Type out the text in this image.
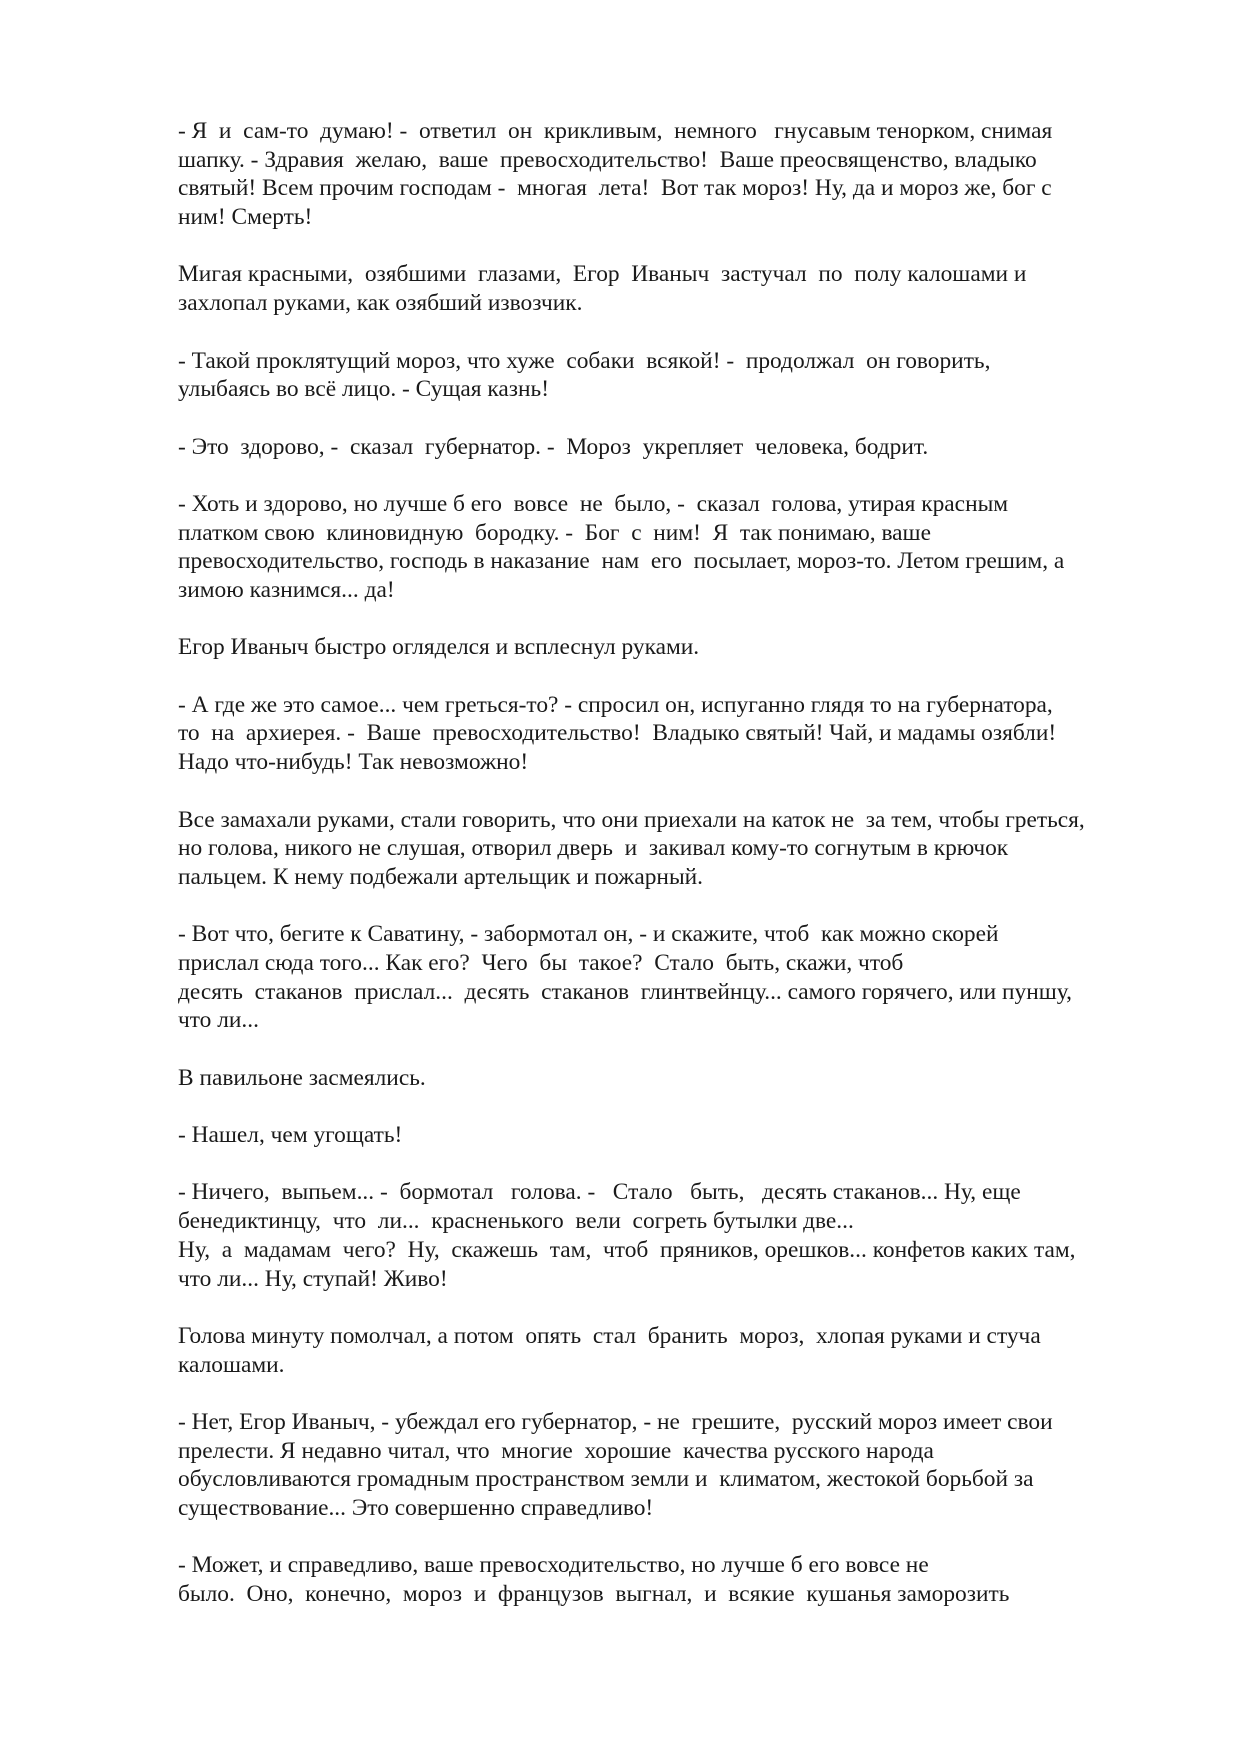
- Я  и  сам-то  думаю! -  ответил  он  крикливым,  немного   гнусавым тенорком, снимая
шапку. - Здравия  желаю,  ваше  превосходительство!  Ваше преосвященство, владыко
святый! Всем прочим господам -  многая  лета!  Вот так мороз! Ну, да и мороз же, бог с
ним! Смерть!
Мигая красными,  озябшими  глазами,  Егор  Иваныч  застучал  по  полу калошами и
захлопал руками, как озябший извозчик.
- Такой проклятущий мороз, что хуже  собаки  всякой! -  продолжал  он говорить,
улыбаясь во всё лицо. - Сущая казнь!
- Это  здорово, -  сказал  губернатор. -  Мороз  укрепляет  человека, бодрит.
- Хоть и здорово, но лучше б его  вовсе  не  было, -  сказал  голова, утирая красным
платком свою  клиновидную  бородку. -  Бог  с  ним!  Я  так понимаю, ваше
превосходительство, господь в наказание  нам  его  посылает, мороз-то. Летом грешим, а
зимою казнимся... да!
Егор Иваныч быстро огляделся и всплеснул руками.
- А где же это самое... чем греться-то? - спросил он, испуганно глядя то на губернатора,
то  на  архиерея. -  Ваше  превосходительство!  Владыко святый! Чай, и мадамы озябли!
Надо что-нибудь! Так невозможно!
Все замахали руками, стали говорить, что они приехали на каток не  за тем, чтобы греться,
но голова, никого не слушая, отворил дверь  и  закивал кому-то согнутым в крючок
пальцем. К нему подбежали артельщик и пожарный.
- Вот что, бегите к Саватину, - забормотал он, - и скажите, чтоб  как можно скорей
прислал сюда того... Как его?  Чего  бы  такое?  Стало  быть, скажи, чтоб
десять  стаканов  прислал...  десять  стаканов  глинтвейнцу... самого горячего, или пуншу,
что ли...
В павильоне засмеялись.
- Нашел, чем угощать!
- Ничего,  выпьем... -  бормотал   голова. -   Стало   быть,   десять стаканов... Ну, еще
бенедиктинцу,  что  ли...  красненького  вели  согреть бутылки две...
Ну,  а  мадамам  чего?  Ну,  скажешь  там,  чтоб  пряников, орешков... конфетов каких там,
что ли... Ну, ступай! Живо!
Голова минуту помолчал, а потом  опять  стал  бранить  мороз,  хлопая руками и стуча
калошами.
- Нет, Егор Иваныч, - убеждал его губернатор, - не  грешите,  русский мороз имеет свои
прелести. Я недавно читал, что  многие  хорошие  качества русского народа
обусловливаются громадным пространством земли и  климатом, жестокой борьбой за
существование... Это совершенно справедливо!
- Может, и справедливо, ваше превосходительство, но лучше б его вовсе не
было.  Оно,  конечно,  мороз  и  французов  выгнал,  и  всякие  кушанья заморозить
